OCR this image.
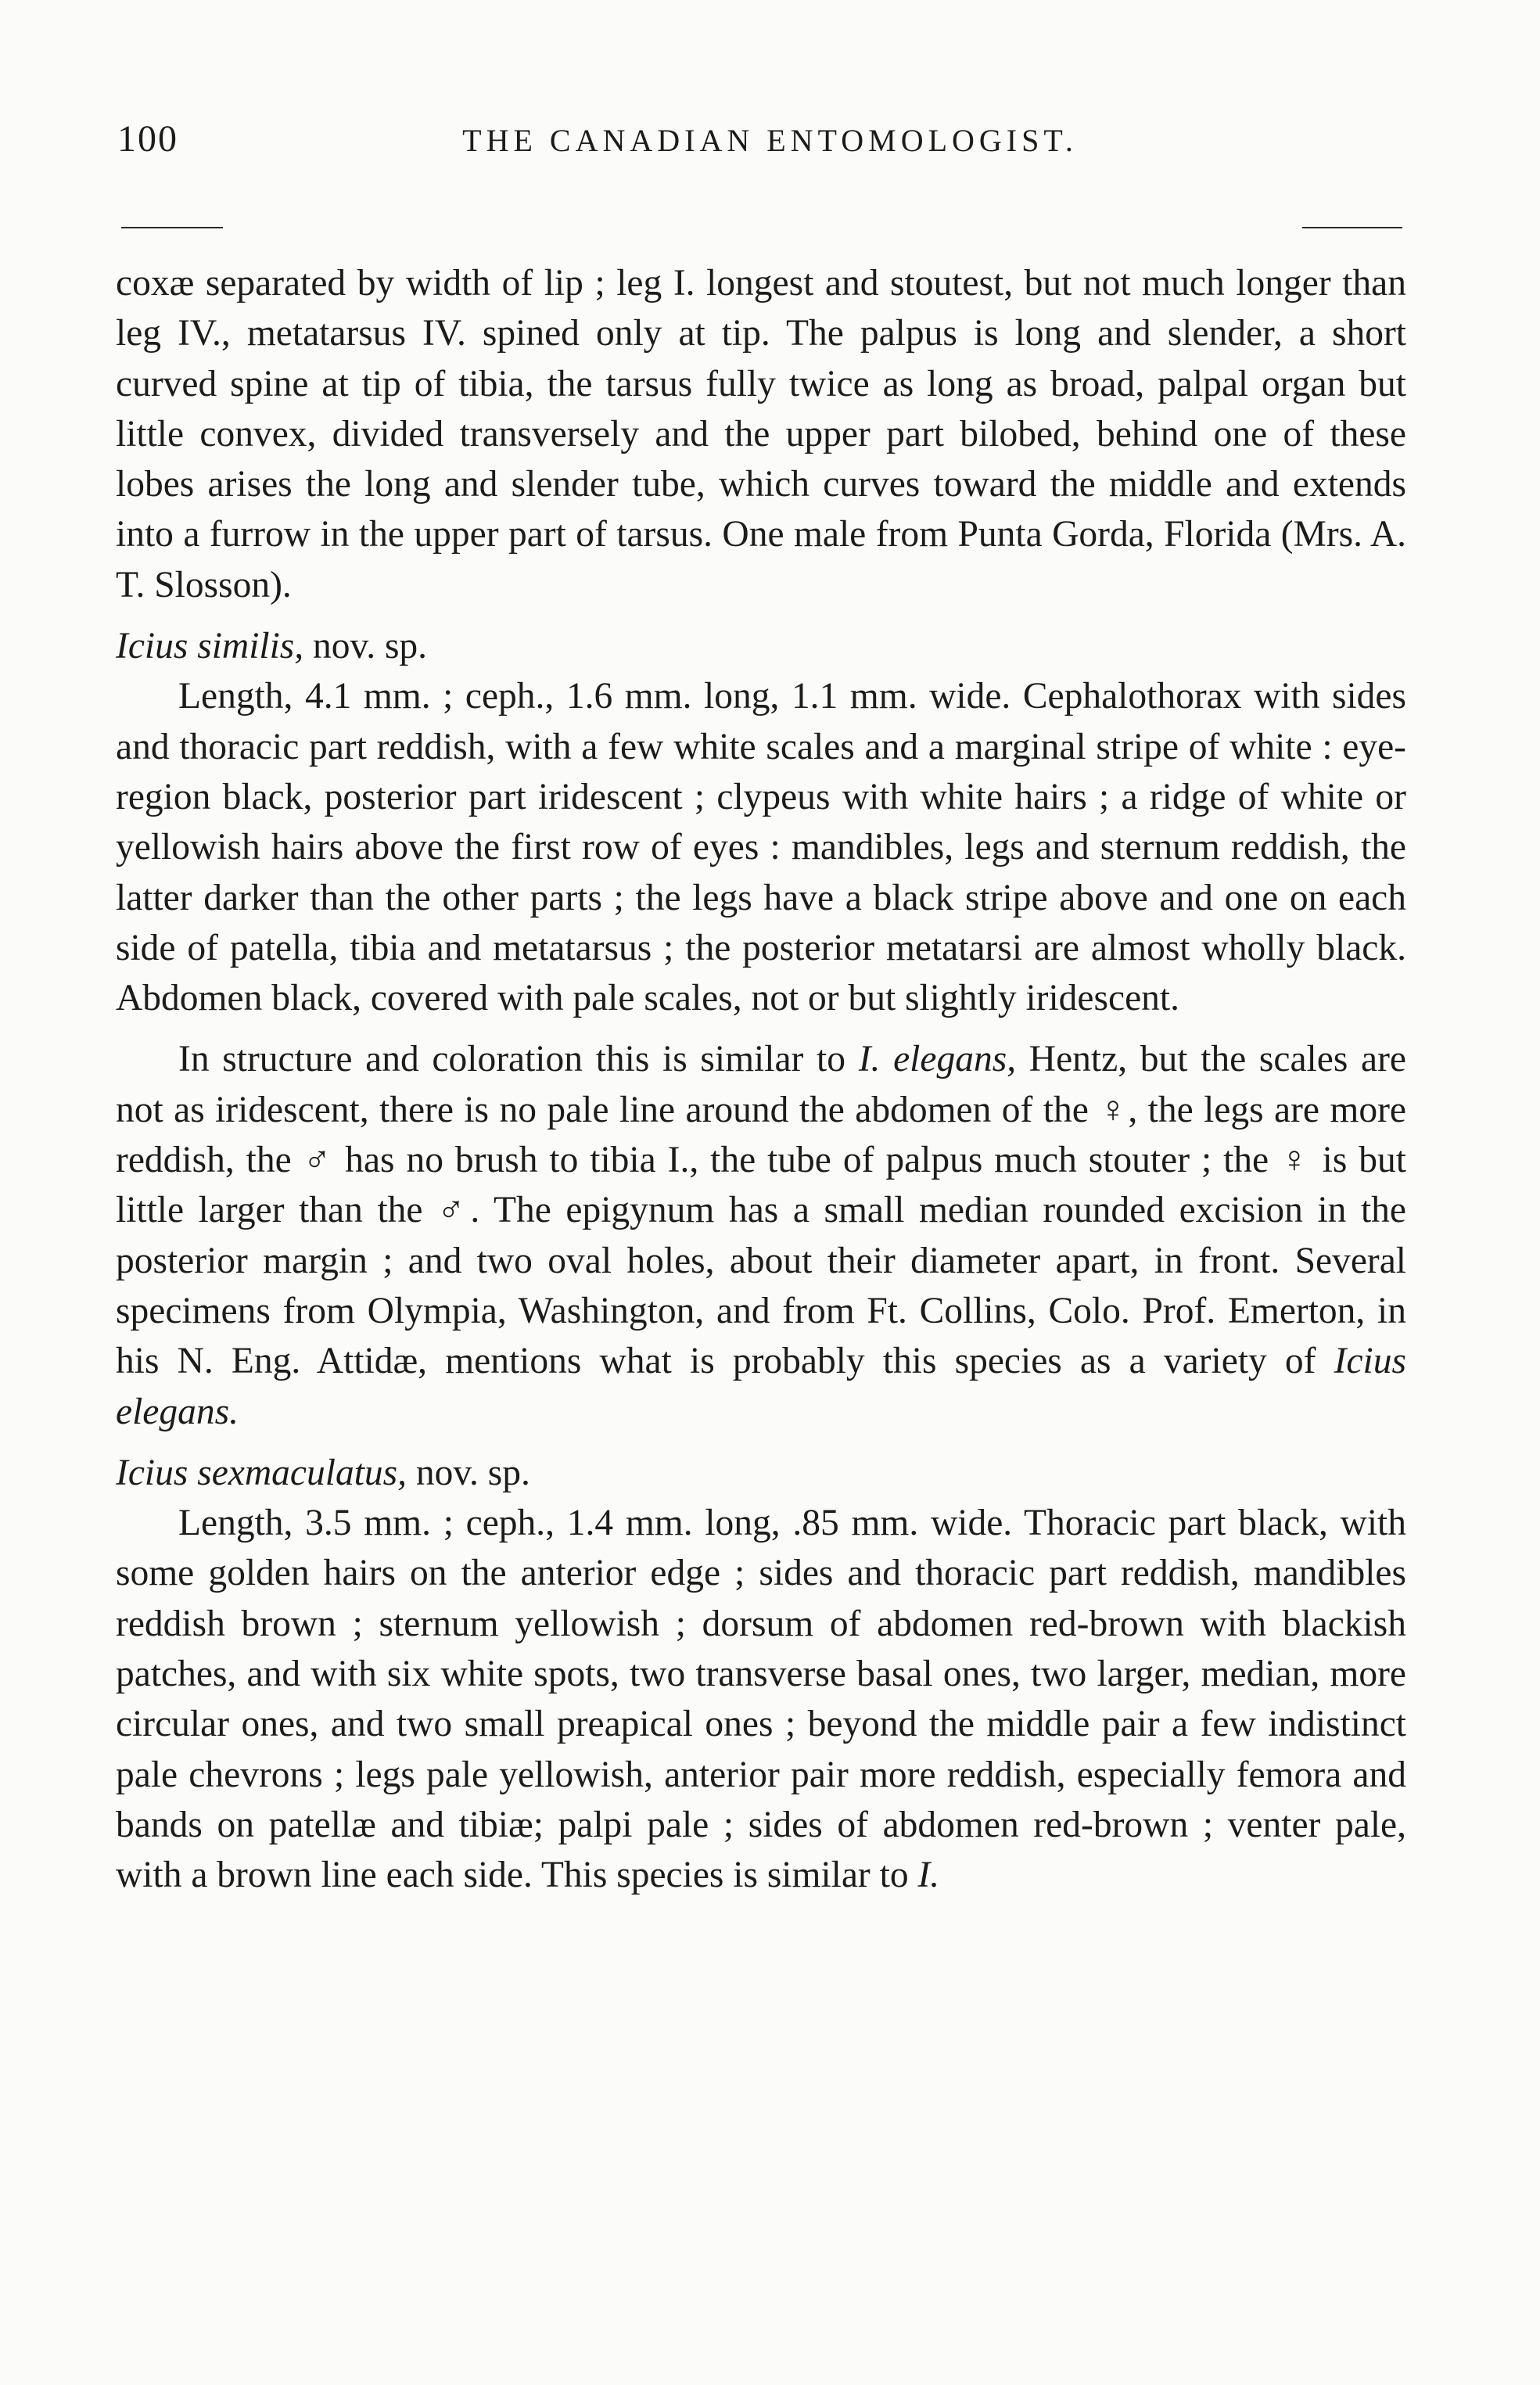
100	THE CANADIAN ENTOMOLOGIST.

coxæ separated by width of lip ; leg I. longest and stoutest, but not much longer than leg IV., metatarsus IV. spined only at tip. The palpus is long and slender, a short curved spine at tip of tibia, the tarsus fully twice as long as broad, palpal organ but little convex, divided transversely and the upper part bilobed, behind one of these lobes arises the long and slender tube, which curves toward the middle and extends into a furrow in the upper part of tarsus. One male from Punta Gorda, Florida (Mrs. A. T. Slosson).

Icius similis, nov. sp.

Length, 4.1 mm. ; ceph., 1.6 mm. long, 1.1 mm. wide. Cephalothorax with sides and thoracic part reddish, with a few white scales and a marginal stripe of white : eye-region black, posterior part iridescent ; clypeus with white hairs ; a ridge of white or yellowish hairs above the first row of eyes : mandibles, legs and sternum reddish, the latter darker than the other parts ; the legs have a black stripe above and one on each side of patella, tibia and metatarsus ; the posterior metatarsi are almost wholly black. Abdomen black, covered with pale scales, not or but slightly iridescent.

In structure and coloration this is similar to I. elegans, Hentz, but the scales are not as iridescent, there is no pale line around the abdomen of the ♀, the legs are more reddish, the ♂ has no brush to tibia I., the tube of palpus much stouter ; the ♀ is but little larger than the ♂. The epigynum has a small median rounded excision in the posterior margin ; and two oval holes, about their diameter apart, in front. Several specimens from Olympia, Washington, and from Ft. Collins, Colo. Prof. Emerton, in his N. Eng. Attidæ, mentions what is probably this species as a variety of Icius elegans.

Icius sexmaculatus, nov. sp.

Length, 3.5 mm. ; ceph., 1.4 mm. long, .85 mm. wide. Thoracic part black, with some golden hairs on the anterior edge ; sides and thoracic part reddish, mandibles reddish brown ; sternum yellowish ; dorsum of abdomen red-brown with blackish patches, and with six white spots, two transverse basal ones, two larger, median, more circular ones, and two small preapical ones ; beyond the middle pair a few indistinct pale chevrons ; legs pale yellowish, anterior pair more reddish, especially femora and bands on patellæ and tibiæ; palpi pale ; sides of abdomen red-brown ; venter pale, with a brown line each side. This species is similar to I.
